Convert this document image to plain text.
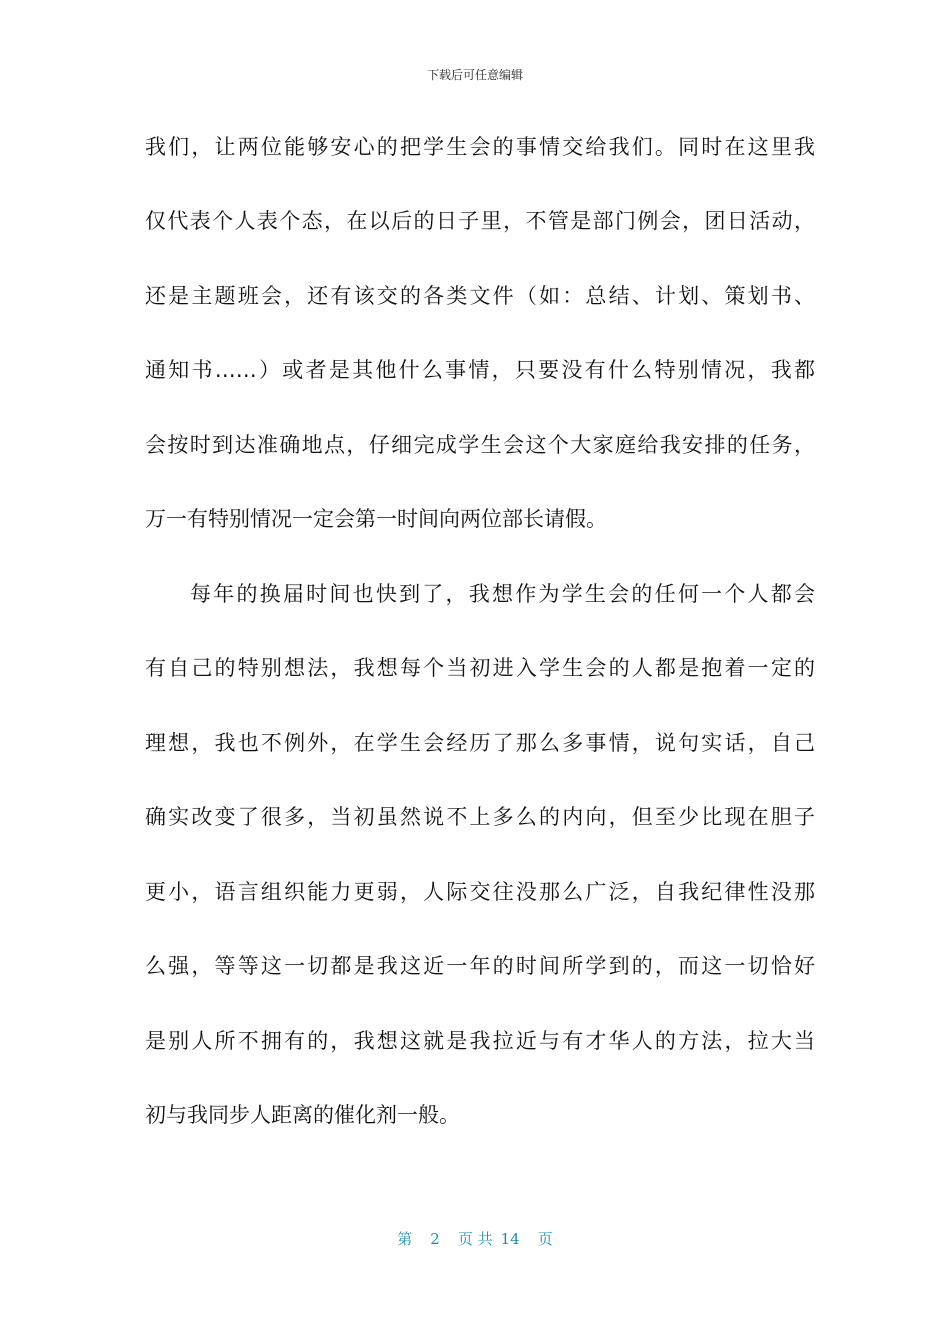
下载后可任意编辑
我们，让两位能够安心的把学生会的事情交给我们。同时在这里我
仅代表个人表个态，在以后的日子里，不管是部门例会，团日活动，
还是主题班会，还有该交的各类文件（如：总结、计划、策划书、
通知书……）或者是其他什么事情，只要没有什么特别情况，我都
会按时到达准确地点，仔细完成学生会这个大家庭给我安排的任务，
万一有特别情况一定会第一时间向两位部长请假。
每年的换届时间也快到了，我想作为学生会的任何一个人都会
有自己的特别想法，我想每个当初进入学生会的人都是抱着一定的
理想，我也不例外，在学生会经历了那么多事情，说句实话，自己
确实改变了很多，当初虽然说不上多么的内向，但至少比现在胆子
更小，语言组织能力更弱，人际交往没那么广泛，自我纪律性没那
么强，等等这一切都是我这近一年的时间所学到的，而这一切恰好
是别人所不拥有的，我想这就是我拉近与有才华人的方法，拉大当
初与我同步人距离的催化剂一般。
第 2 页 共 14 页
